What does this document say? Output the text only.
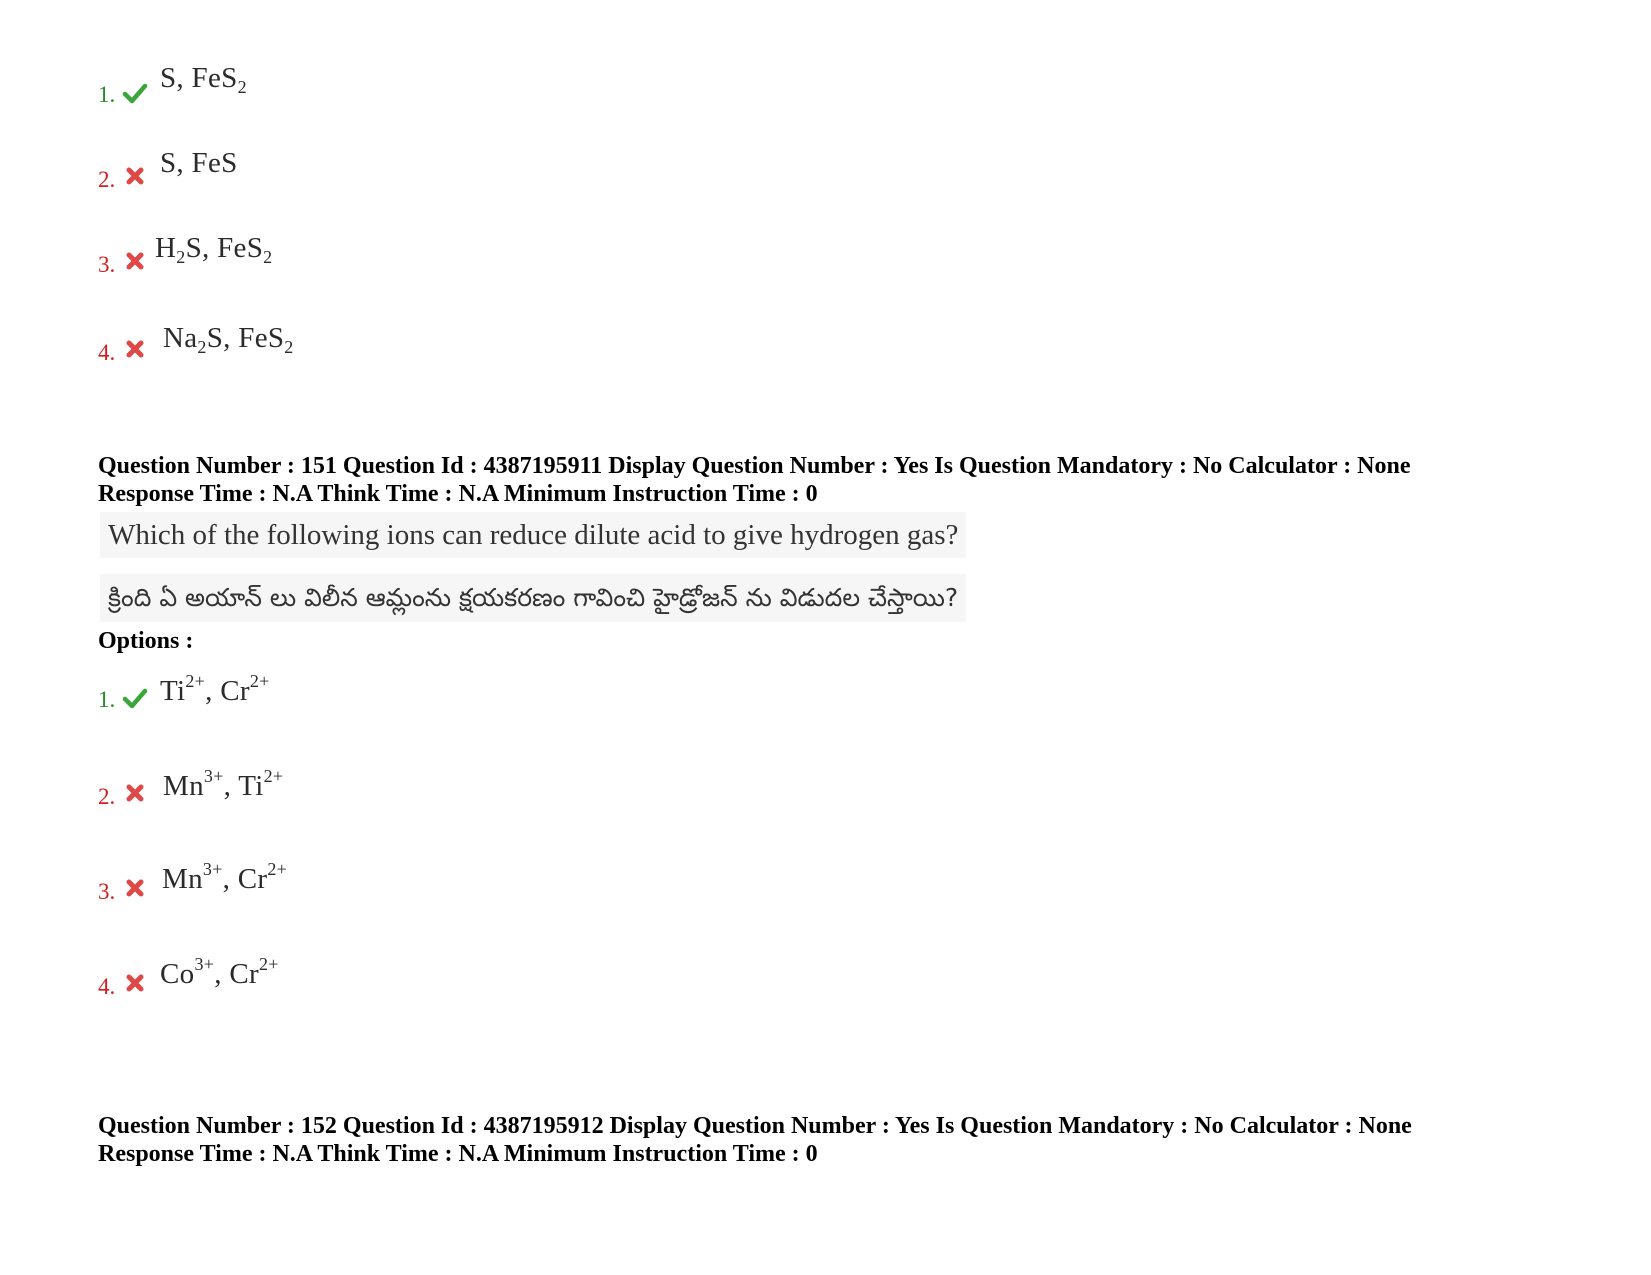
1.
S, FeS$_2$
2.
S, FeS
3.
$H_2S$, FeS$_2$
4. $Na_2S$, FeS$_2$
Question Number : 151 Question Id : 4387195911 Display Question Number : Yes Is Question Mandatory : No Calculator : None
Response Time : N.A Think Time : N.A Minimum Instruction Time : 0
Which of the following ions can reduce dilute acid to give hydrogen gas?
క్రింది ఏ అయాన్ లు విలీన ఆమ్లంను క్షయకరణం గావించి హైడ్రోజన్ ను విడుదల చేస్తాయి?
Options :
1. $Ti^{2+}$, $Cr^{2+}$
2. $Mn^{3+}$, $Ti^{2+}$
3. $Mn^{3+}$, $Cr^{2+}$
4. $Co^{3+}$, $Cr^{2+}$
Question Number : 152 Question Id : 4387195912 Display Question Number : Yes Is Question Mandatory : No Calculator : None
Response Time : N.A Think Time : N.A Minimum Instruction Time : 0
